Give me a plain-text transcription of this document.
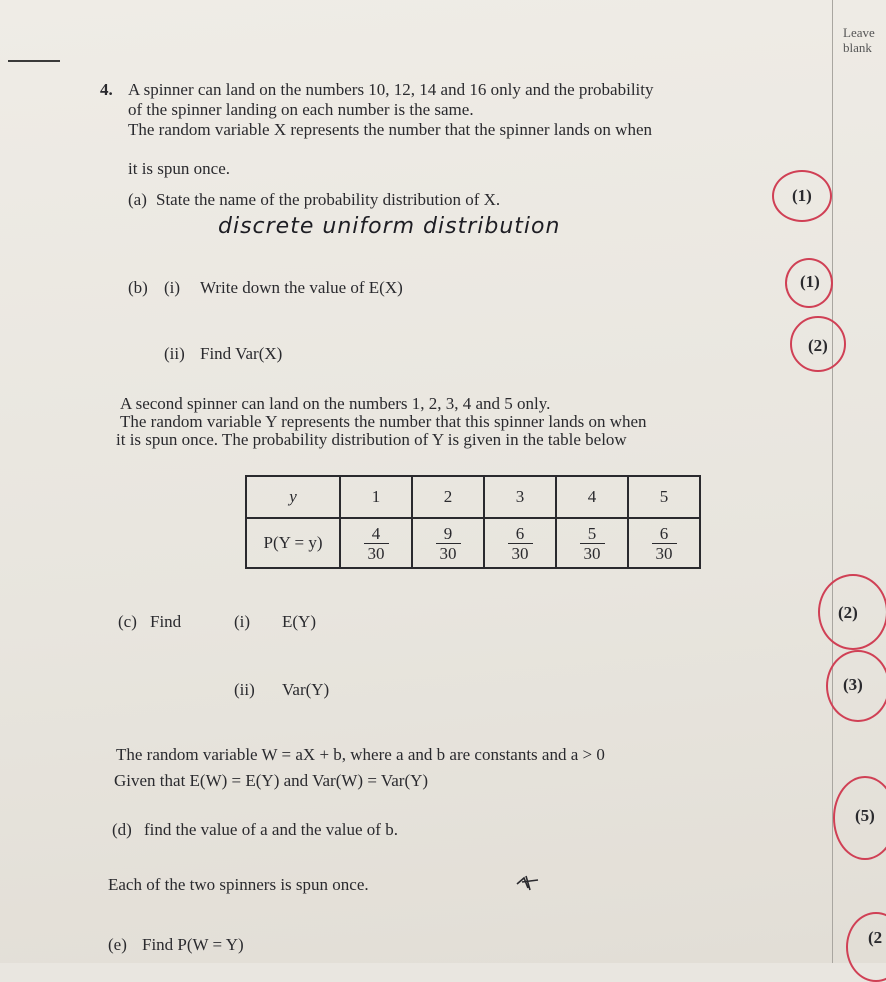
Leave
blank
4. A spinner can land on the numbers 10, 12, 14 and 16 only and the probability
of the spinner landing on each number is the same.
The random variable X represents the number that the spinner lands on when
it is spun once.
(a) State the name of the probability distribution of X.	(1)
discrete uniform distribution
(b) (i) Write down the value of E(X)	(1)
(ii) Find Var(X)	(2)
A second spinner can land on the numbers 1, 2, 3, 4 and 5 only.
The random variable Y represents the number that this spinner lands on when
it is spun once. The probability distribution of Y is given in the table below
y	1	2	3	4	5
P(Y = y)	$\frac{4}{30}$	$\frac{9}{30}$	$\frac{6}{30}$	$\frac{5}{30}$	$\frac{6}{30}$
(c) Find	(i) E(Y)	(2)
(ii) Var(Y)	(3)
The random variable W = aX + b, where a and b are constants and a > 0
Given that E(W) = E(Y) and Var(W) = Var(Y)
(d) find the value of a and the value of b.
(5)
Each of the two spinners is spun once.
(e) Find P(W = Y)	(2
